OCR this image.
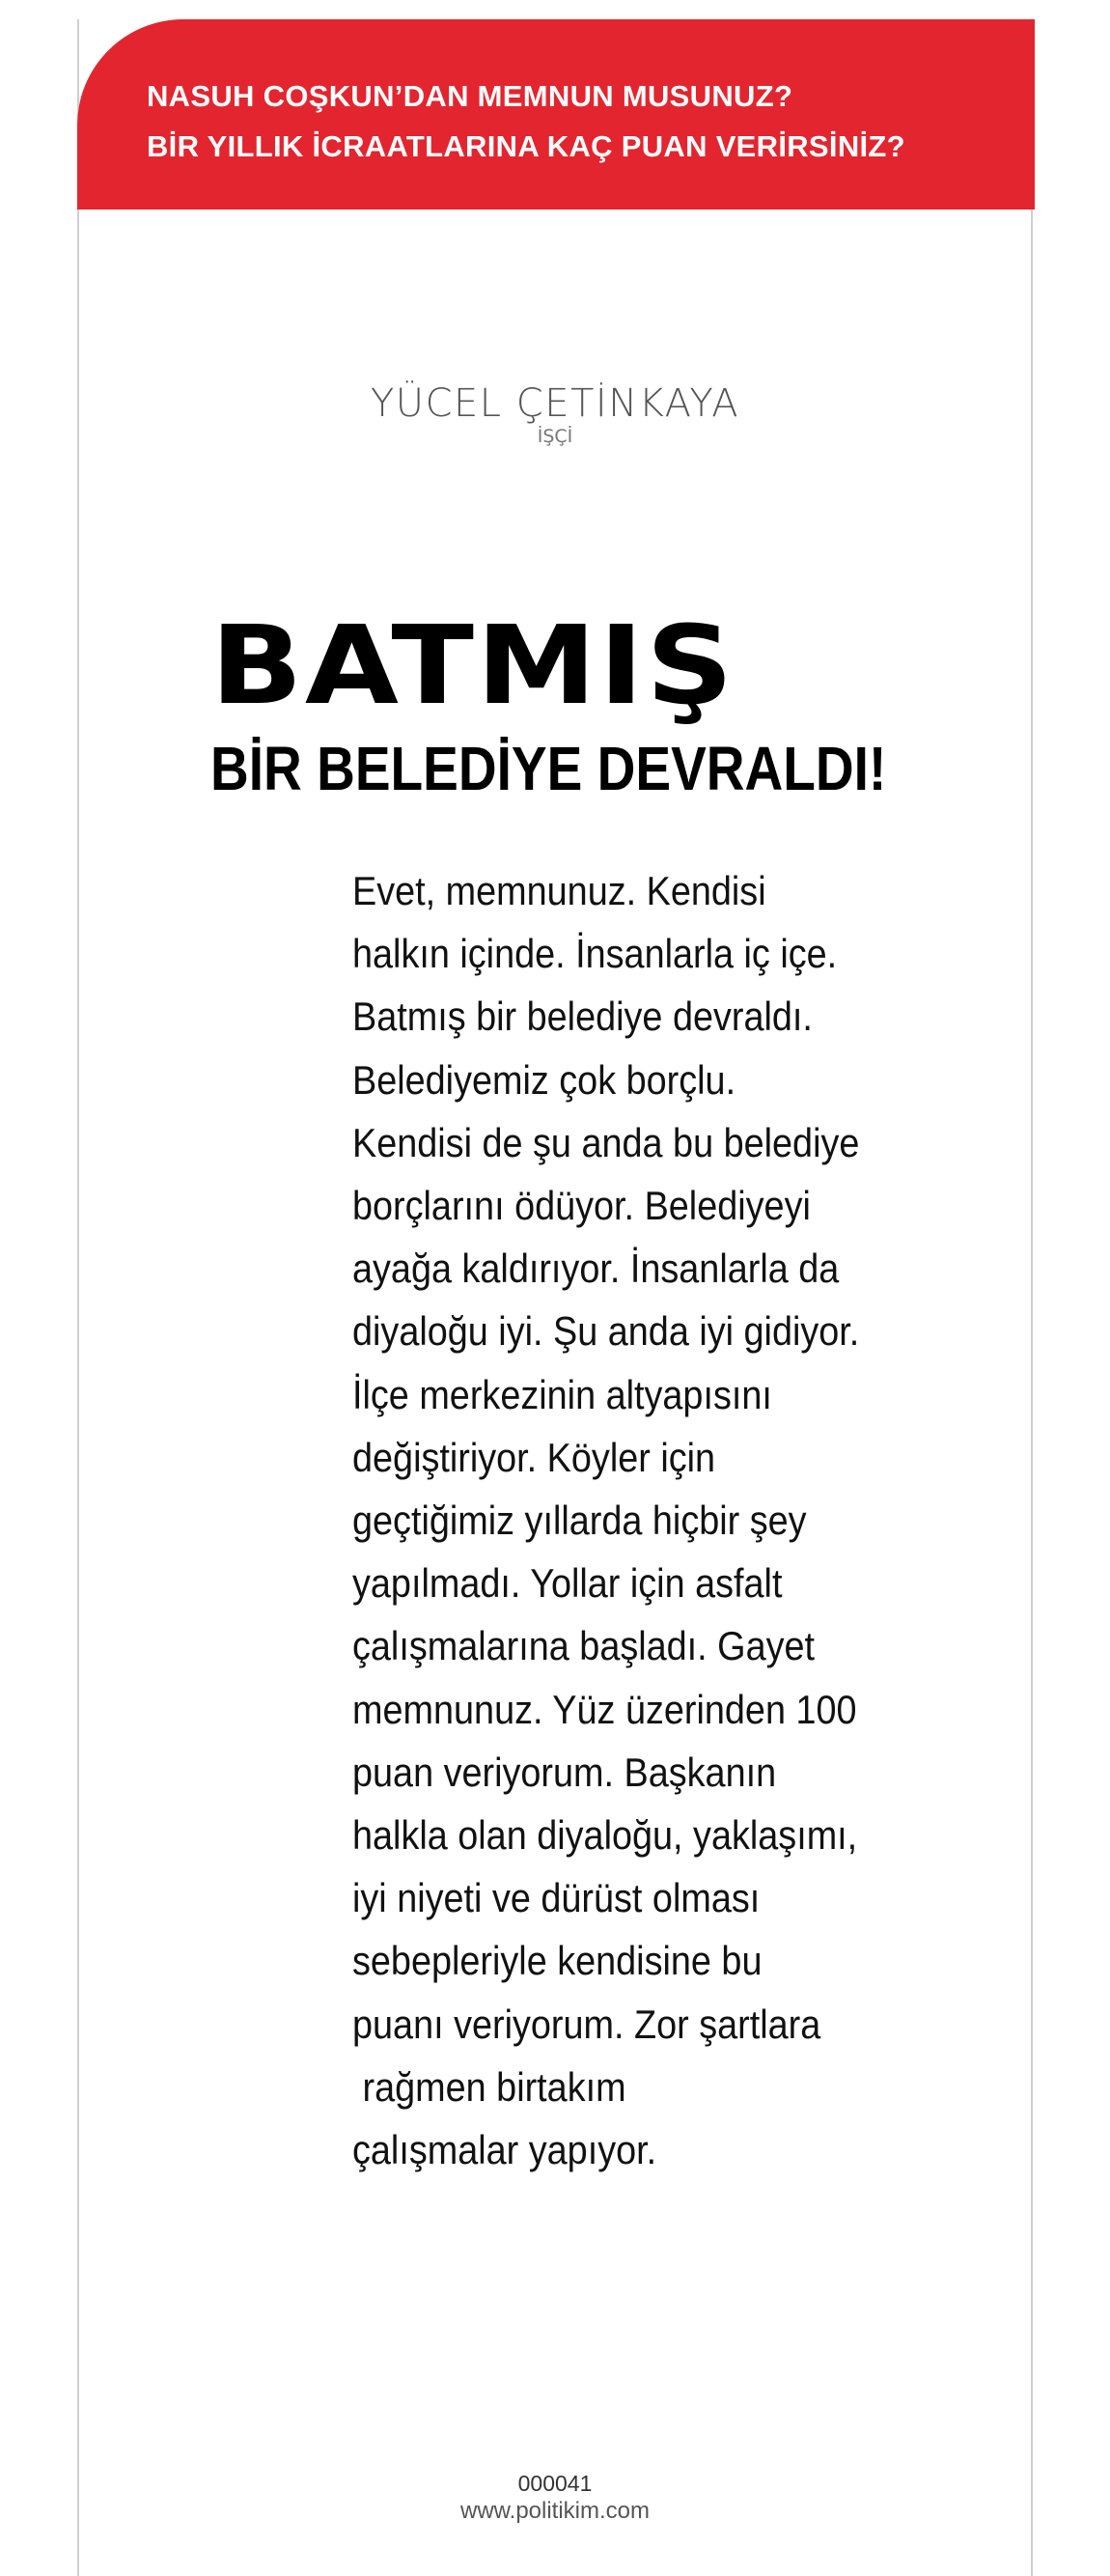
NASUH COŞKUN’DAN MEMNUN MUSUNUZ?
BİR YILLIK İCRAATLARINA KAÇ PUAN VERİRSİNİZ?
YÜCEL ÇETİNKAYA
İŞÇİ
BATMIŞ
BİR BELEDİYE DEVRALDI!
Evet, memnunuz. Kendisi
halkın içinde. İnsanlarla iç içe.
Batmış bir belediye devraldı.
Belediyemiz çok borçlu.
Kendisi de şu anda bu belediye
borçlarını ödüyor. Belediyeyi
ayağa kaldırıyor. İnsanlarla da
diyaloğu iyi. Şu anda iyi gidiyor.
İlçe merkezinin altyapısını
değiştiriyor. Köyler için
geçtiğimiz yıllarda hiçbir şey
yapılmadı. Yollar için asfalt
çalışmalarına başladı. Gayet
memnunuz. Yüz üzerinden 100
puan veriyorum. Başkanın
halkla olan diyaloğu, yaklaşımı,
iyi niyeti ve dürüst olması
sebepleriyle kendisine bu
puanı veriyorum. Zor şartlara
rağmen birtakım
çalışmalar yapıyor.
000041
www.politikim.com
